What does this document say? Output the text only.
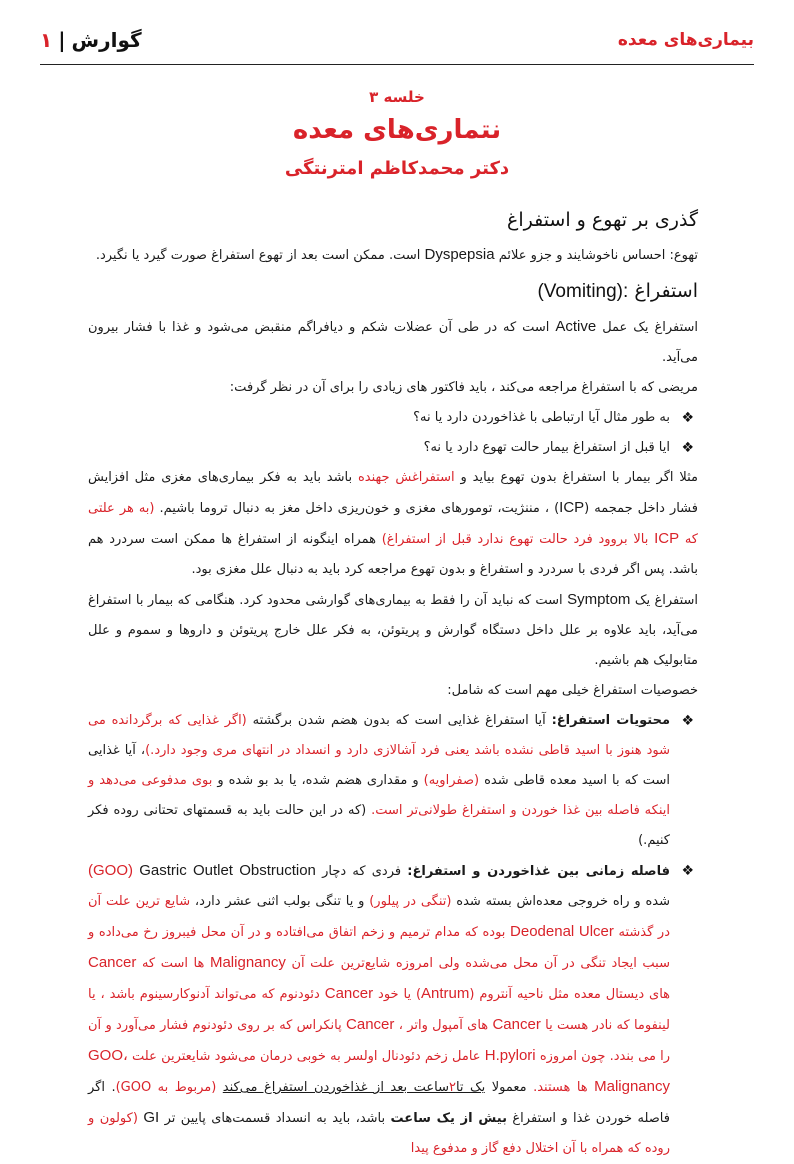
بیماری‌های معده
۱ | گوارش
خلسه ۳
نتماری‌های معده
دکتر محمدکاظم امترنتگی
گذری بر تهوع و استفراغ

تهوع: احساس ناخوشایند و جزو علائم Dyspepsia است. ممکن است بعد از تهوع استفراغ صورت گیرد یا نگیرد.

استفراغ (Vomiting):

استفراغ یک عمل Active است که در طی آن عضلات شکم و دیافراگم منقبض می‌شود و غذا با فشار بیرون می‌آید.

مریضی که با استفراغ مراجعه می‌کند ، باید فاکتور های زیادی را برای آن در نظر گرفت:

❖
به طور مثال آیا ارتباطی با غذاخوردن دارد یا نه؟
❖
ایا قبل از استفراغ بیمار حالت تهوع دارد یا نه؟

مثلا اگر بیمار با استفراغ بدون تهوع بیاید و استفراغش جهنده باشد باید به فکر بیماری‌های مغزی مثل افزایش فشار داخل جمجمه (ICP) ، مننژیت، تومورهای مغزی و خون‌ریزی داخل مغز به دنبال تروما باشیم. (به هر علتی که ICP بالا بروود فرد حالت تهوع ندارد قبل از استفراغ) همراه اینگونه از استفراغ ها ممکن است سردرد هم باشد. پس اگر فردی با سردرد و استفراغ و بدون تهوع مراجعه کرد باید به دنبال علل مغزی بود.

استفراغ یک Symptom است که نباید آن را فقط به بیماری‌های گوارشی محدود کرد. هنگامی که بیمار با استفراغ می‌آید، باید علاوه بر علل داخل دستگاه گوارش و پریتوئن، به فکر علل خارج پریتوئن و داروها و سموم و علل متابولیک هم باشیم.

خصوصیات استفراغ خیلی مهم است که شامل:

❖
محتویات استفراغ: آیا استفراغ غذایی است که بدون هضم شدن برگشته (اگر غذایی که برگردانده می شود هنوز با اسید قاطی نشده باشد یعنی فرد آشالازی دارد و انسداد در انتهای مری وجود دارد.)، آیا غذایی است که با اسید معده قاطی شده (صفراویه) و مقداری هضم شده، یا بد بو شده و بوی مدفوعی می‌دهد و اینکه فاصله بین غذا خوردن و استفراغ طولانی‌تر است. (که در این حالت باید به قسمتهای تحتانی روده فکر کنیم.)
❖
فاصله زمانی بین غذاخوردن و استفراغ: فردی که دچار Gastric Outlet Obstruction (GOO) شده و راه خروجی معده‌اش بسته شده (تنگی در پیلور) و یا تنگی بولب اثنی عشر دارد، شایع ترین علت آن در گذشته Deodenal Ulcer بوده که مدام ترمیم و زخم اتفاق می‌افتاده و در آن محل فیبروز رخ می‌داده و سبب ایجاد تنگی در آن محل می‌شده ولی امروزه شایع‌ترین علت آن Malignancy ها است که Cancer های دیستال معده مثل ناحیه آنتروم (Antrum) یا خود Cancer دئودنوم که می‌تواند آدنوکارسینوم باشد ، یا لینفوما که نادر هست یا Cancer های آمپول واتر ، Cancer پانکراس که بر روی دئودنوم فشار می‌آورد و آن را می بندد. چون امروزه H.pylori عامل زخم دئودنال اولسر به خوبی درمان می‌شود شایعترین علت GOO، Malignancy ها هستند. معمولا یک تا۲ساعت بعد از غذاخوردن استفراغ می‌کند (مربوط به GOO). اگر فاصله خوردن غذا و استفراغ بیش از یک ساعت باشد، باید به انسداد قسمت‌های پایین تر GI (کولون و روده که همراه با آن اختلال دفع گاز و مدفوع پیدا
